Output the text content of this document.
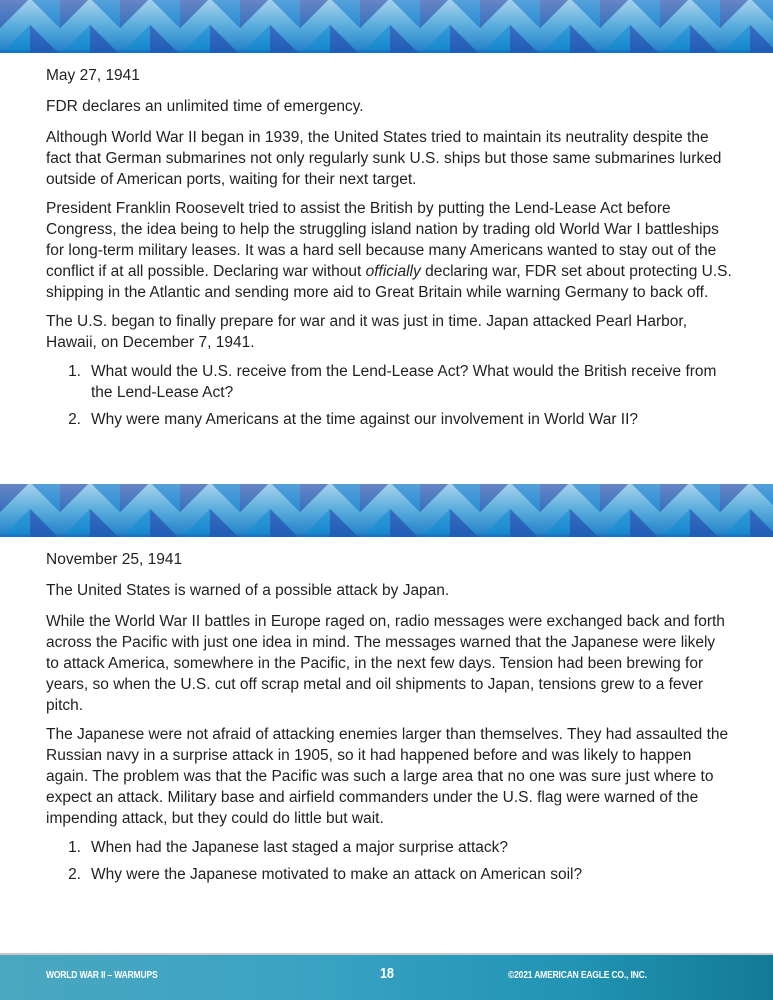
May 27, 1941

FDR declares an unlimited time of emergency.

Although World War II began in 1939, the United States tried to maintain its neutrality despite the fact that German submarines not only regularly sunk U.S. ships but those same submarines lurked outside of American ports, waiting for their next target.

President Franklin Roosevelt tried to assist the British by putting the Lend-Lease Act before Congress, the idea being to help the struggling island nation by trading old World War I battleships for long-term military leases. It was a hard sell because many Americans wanted to stay out of the conflict if at all possible. Declaring war without officially declaring war, FDR set about protecting U.S. shipping in the Atlantic and sending more aid to Great Britain while warning Germany to back off.

The U.S. began to finally prepare for war and it was just in time. Japan attacked Pearl Harbor, Hawaii, on December 7, 1941.

1. What would the U.S. receive from the Lend-Lease Act? What would the British receive from the Lend-Lease Act?
2. Why were many Americans at the time against our involvement in World War II?

November 25, 1941

The United States is warned of a possible attack by Japan.

While the World War II battles in Europe raged on, radio messages were exchanged back and forth across the Pacific with just one idea in mind. The messages warned that the Japanese were likely to attack America, somewhere in the Pacific, in the next few days. Tension had been brewing for years, so when the U.S. cut off scrap metal and oil shipments to Japan, tensions grew to a fever pitch.

The Japanese were not afraid of attacking enemies larger than themselves. They had assaulted the Russian navy in a surprise attack in 1905, so it had happened before and was likely to happen again. The problem was that the Pacific was such a large area that no one was sure just where to expect an attack. Military base and airfield commanders under the U.S. flag were warned of the impending attack, but they could do little but wait.

1. When had the Japanese last staged a major surprise attack?
2. Why were the Japanese motivated to make an attack on American soil?
WORLD WAR II – WARMUPS	18	©2021 AMERICAN EAGLE CO., INC.
